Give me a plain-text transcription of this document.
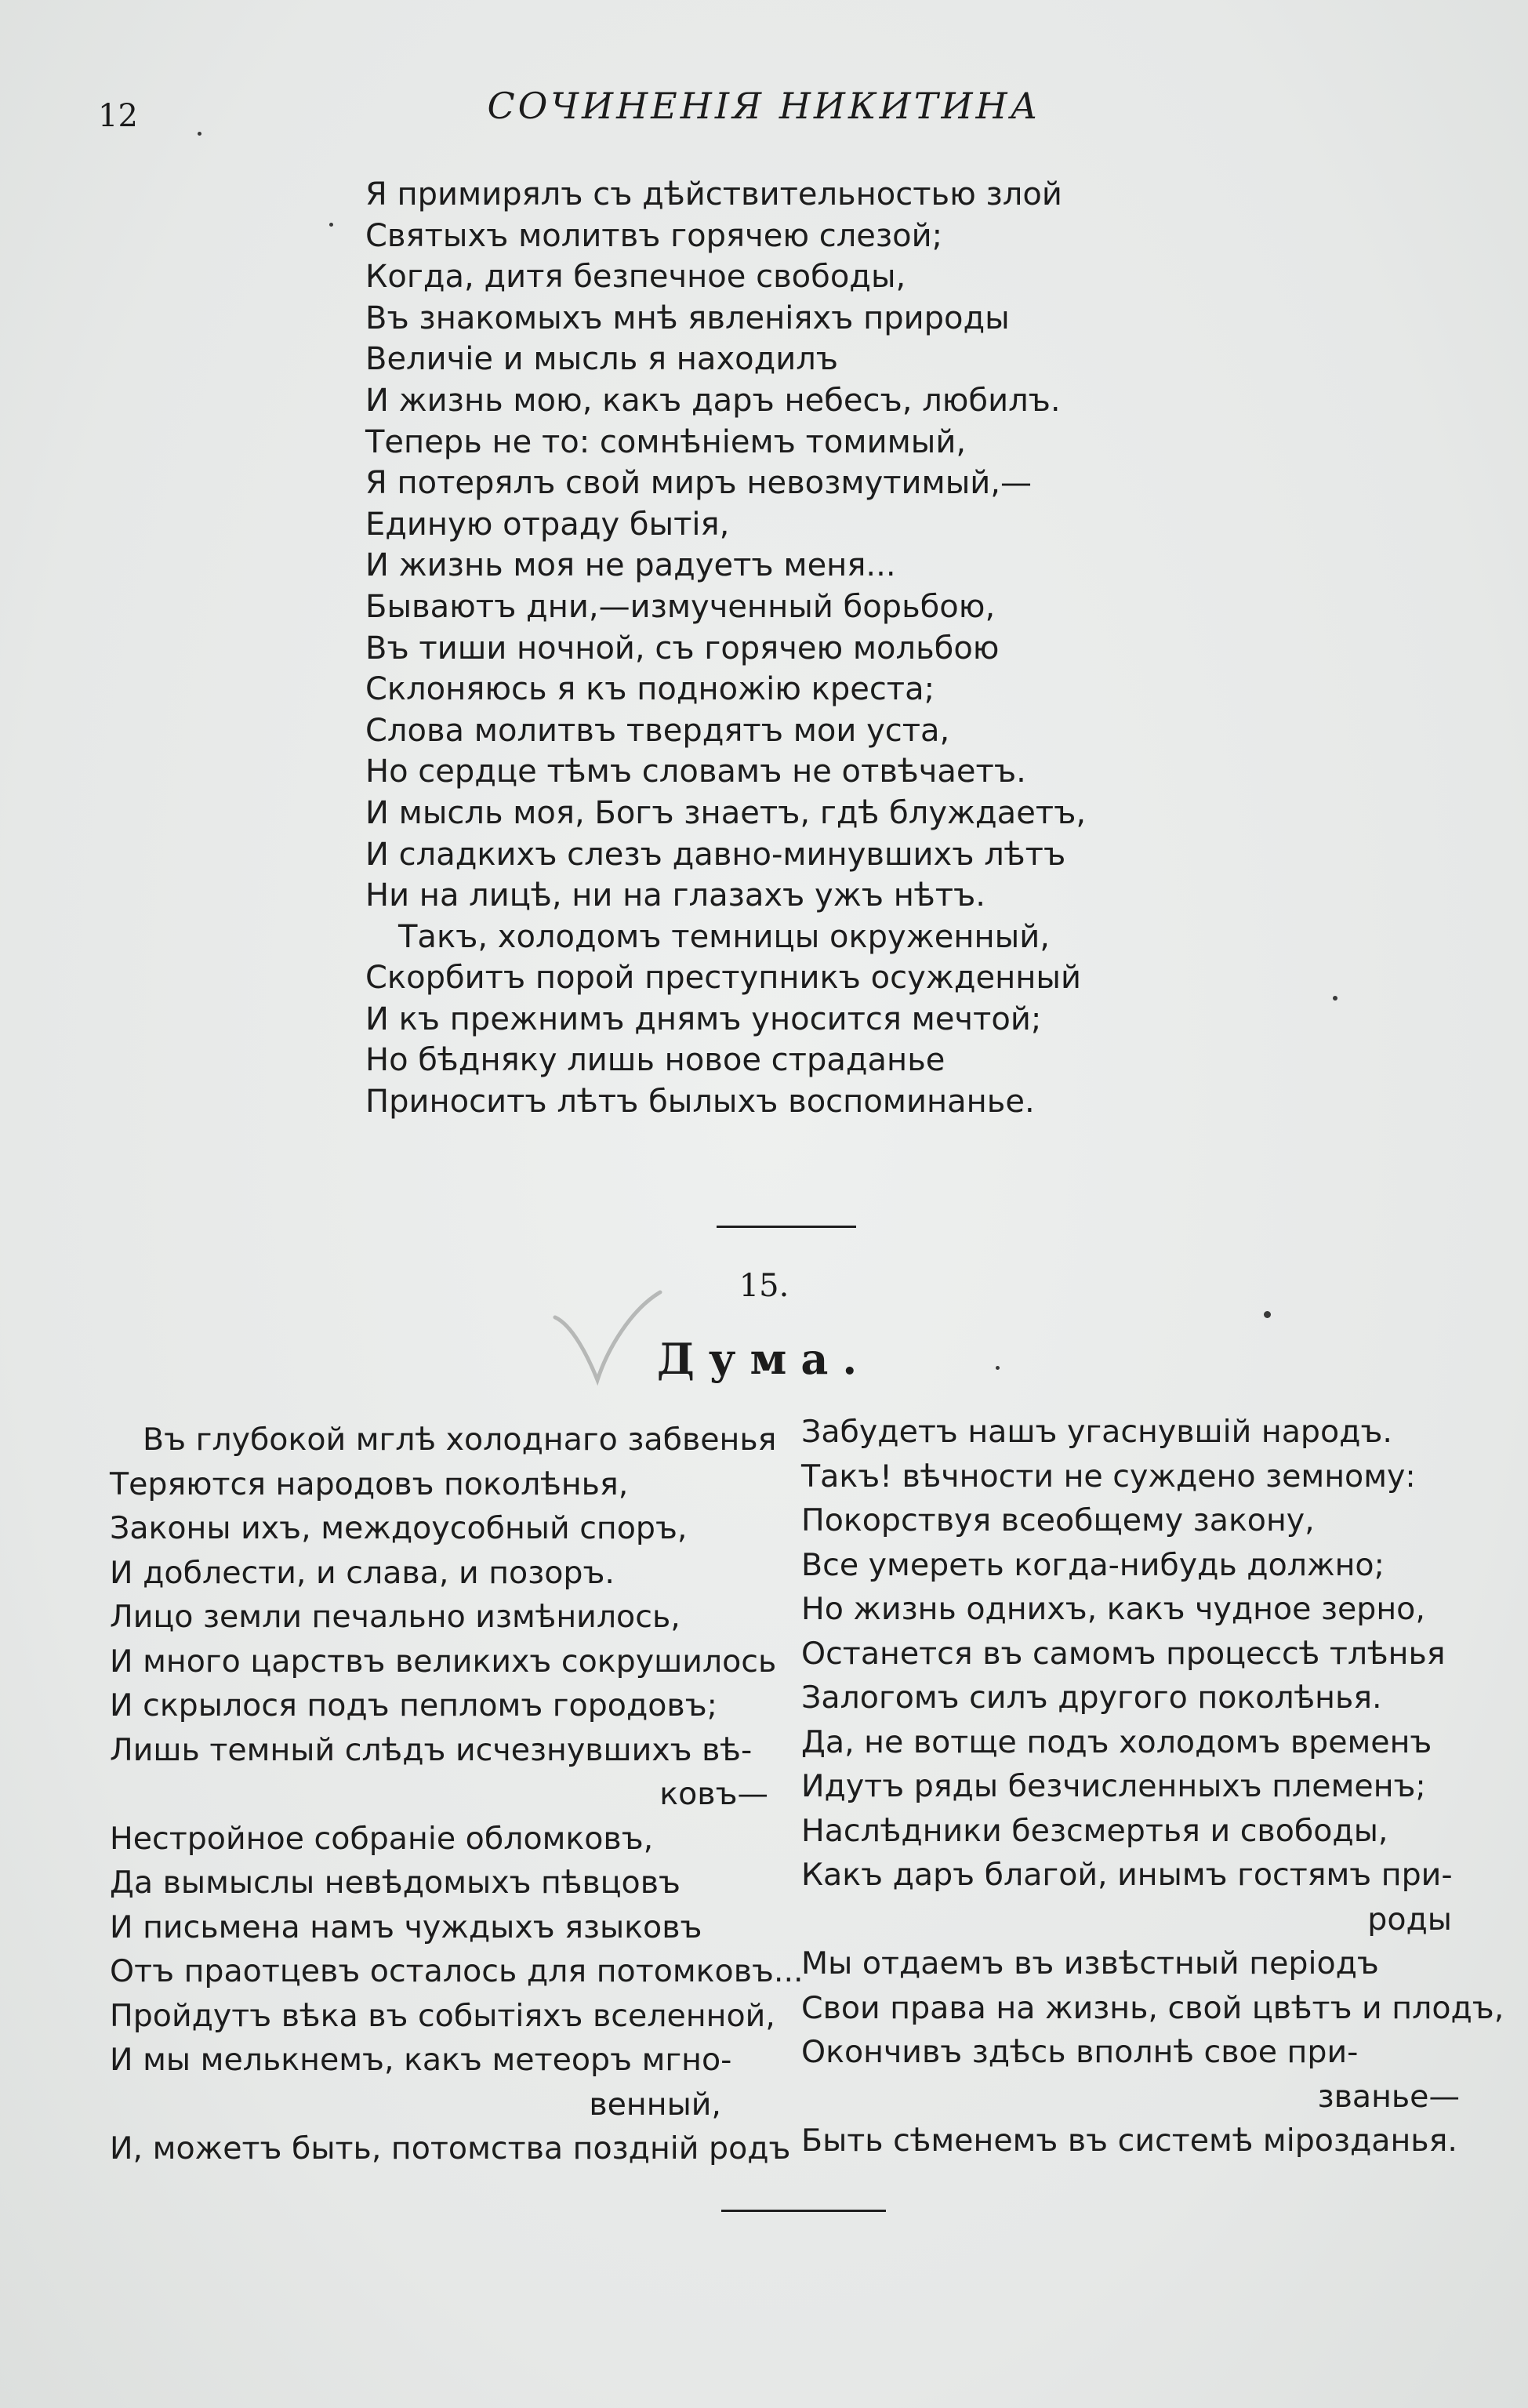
12	СОЧИНЕНІЯ НИКИТИНА
Я примирялъ съ дѣйствительностью злой
Святыхъ молитвъ горячею слезой;
Когда, дитя безпечное свободы,
Въ знакомыхъ мнѣ явленіяхъ природы
Величіе и мысль я находилъ
И жизнь мою, какъ даръ небесъ, любилъ.
Теперь не то: сомнѣніемъ томимый,
Я потерялъ свой миръ невозмутимый,—
Единую отраду бытія,
И жизнь моя не радуетъ меня...
Бываютъ дни,—измученный борьбою,
Въ тиши ночной, съ горячею мольбою
Склоняюсь я къ подножію креста;
Слова молитвъ твердятъ мои уста,
Но сердце тѣмъ словамъ не отвѣчаетъ.
И мысль моя, Богъ знаетъ, гдѣ блуждаетъ,
И сладкихъ слезъ давно-минувшихъ лѣтъ
Ни на лицѣ, ни на глазахъ ужъ нѣтъ.
Такъ, холодомъ темницы окруженный,
Скорбитъ порой преступникъ осужденный
И къ прежнимъ днямъ уносится мечтой;
Но бѣдняку лишь новое страданье
Приноситъ лѣтъ былыхъ воспоминанье.
15.
Дума.
Въ глубокой мглѣ холоднаго забвенья
Теряются народовъ поколѣнья,
Законы ихъ, междоусобный споръ,
И доблести, и слава, и позоръ.
Лицо земли печально измѣнилось,
И много царствъ великихъ сокрушилось
И скрылося подъ пепломъ городовъ;
Лишь темный слѣдъ исчезнувшихъ вѣ-
ковъ—
Нестройное собраніе обломковъ,
Да вымыслы невѣдомыхъ пѣвцовъ
И письмена намъ чуждыхъ языковъ
Отъ праотцевъ осталось для потомковъ...
Пройдутъ вѣка въ событіяхъ вселенной,
И мы мелькнемъ, какъ метеоръ мгно-
венный,
И, можетъ быть, потомства поздній родъ
Забудетъ нашъ угаснувшій народъ.
Такъ! вѣчности не суждено земному:
Покорствуя всеобщему закону,
Все умереть когда-нибудь должно;
Но жизнь однихъ, какъ чудное зерно,
Останется въ самомъ процессѣ тлѣнья
Залогомъ силъ другого поколѣнья.
Да, не вотще подъ холодомъ временъ
Идутъ ряды безчисленныхъ племенъ;
Наслѣдники безсмертья и свободы,
Какъ даръ благой, инымъ гостямъ при-
роды
Мы отдаемъ въ извѣстный періодъ
Свои права на жизнь, свой цвѣтъ и плодъ,
Окончивъ здѣсь вполнѣ свое при-
званье—
Быть сѣменемъ въ системѣ мірозданья.
